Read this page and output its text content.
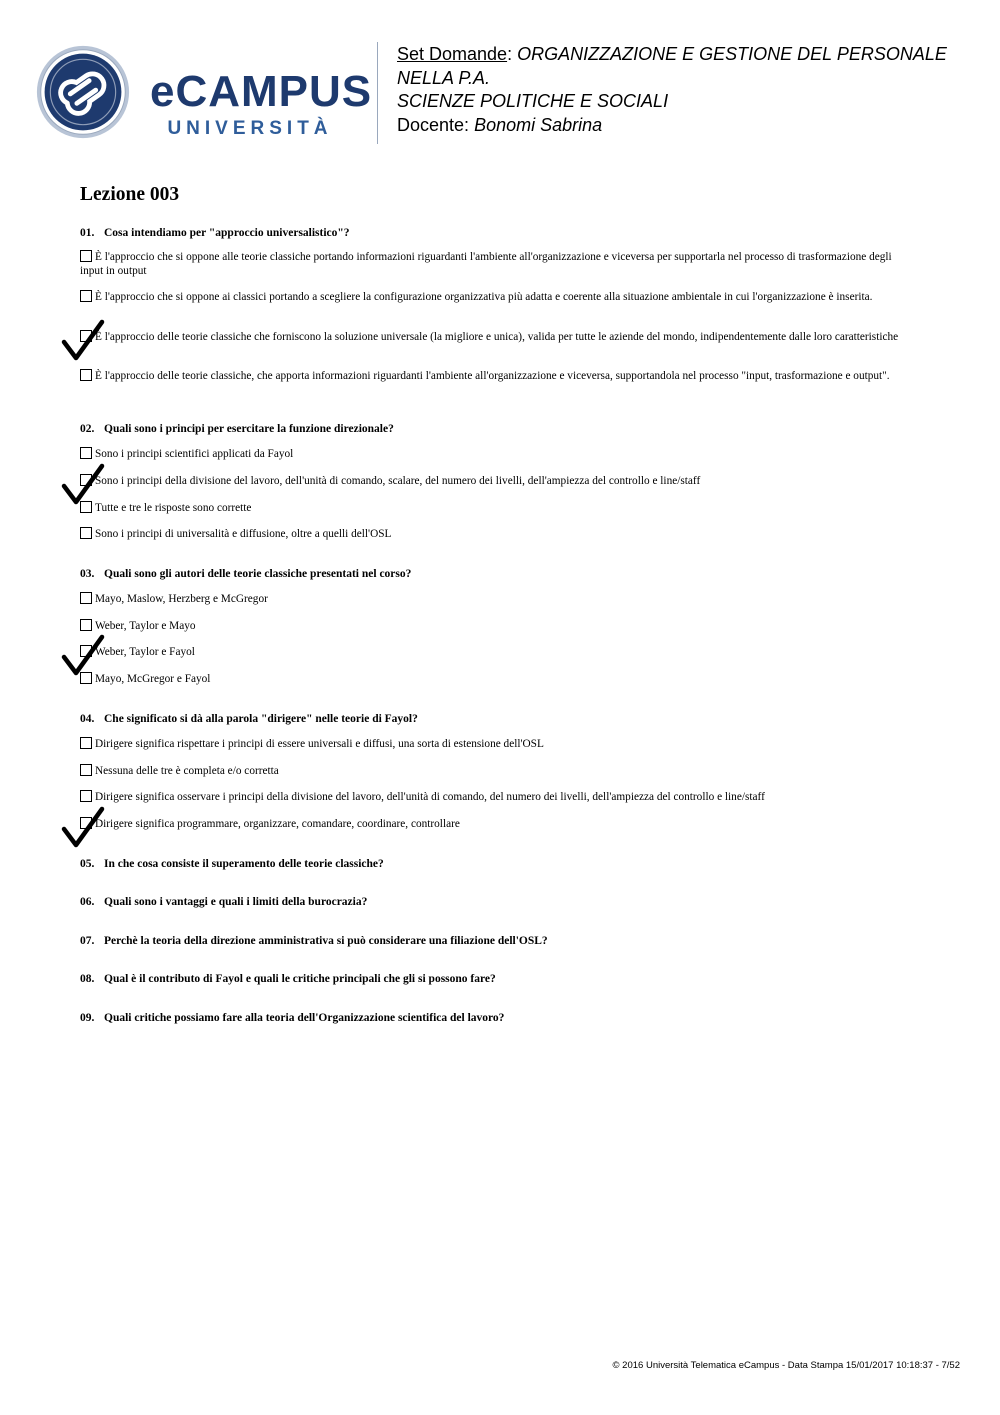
eCAMPUS
UNIVERSITÀ
Set Domande: ORGANIZZAZIONE E GESTIONE DEL PERSONALE NELLA P.A.
SCIENZE POLITICHE E SOCIALI
Docente: Bonomi Sabrina
Lezione 003
01. Cosa intendiamo per "approccio universalistico"?
È l'approccio che si oppone alle teorie classiche portando informazioni riguardanti l'ambiente all'organizzazione e viceversa per supportarla nel processo di trasformazione degli input in output
È l'approccio che si oppone ai classici portando a scegliere la configurazione organizzativa più adatta e coerente alla situazione ambientale in cui l'organizzazione è inserita.
È l'approccio delle teorie classiche che forniscono la soluzione universale (la migliore e unica), valida per tutte le aziende del mondo, indipendentemente dalle loro caratteristiche
È l'approccio delle teorie classiche, che apporta informazioni riguardanti l'ambiente all'organizzazione e viceversa, supportandola nel processo "input, trasformazione e output".
02. Quali sono i principi per esercitare la funzione direzionale?
Sono i principi scientifici applicati da Fayol
Sono i principi della divisione del lavoro, dell'unità di comando, scalare, del numero dei livelli, dell'ampiezza del controllo e line/staff
Tutte e tre le risposte sono corrette
Sono i principi di universalità e diffusione, oltre a quelli dell'OSL
03. Quali sono gli autori delle teorie classiche presentati nel corso?
Mayo, Maslow, Herzberg e McGregor
Weber, Taylor e Mayo
Weber, Taylor e Fayol
Mayo, McGregor e Fayol
04. Che significato si dà alla parola "dirigere" nelle teorie di Fayol?
Dirigere significa rispettare i principi di essere universali e diffusi, una sorta di estensione dell'OSL
Nessuna delle tre è completa e/o corretta
Dirigere significa osservare i principi della divisione del lavoro, dell'unità di comando, del numero dei livelli, dell'ampiezza del controllo e line/staff
Dirigere significa programmare, organizzare, comandare, coordinare, controllare
05. In che cosa consiste il superamento delle teorie classiche?
06. Quali sono i vantaggi e quali i limiti della burocrazia?
07. Perchè la teoria della direzione amministrativa si può considerare una filiazione dell'OSL?
08. Qual è il contributo di Fayol e quali le critiche principali che gli si possono fare?
09. Quali critiche possiamo fare alla teoria dell'Organizzazione scientifica del lavoro?
© 2016 Università Telematica eCampus - Data Stampa 15/01/2017 10:18:37 - 7/52
